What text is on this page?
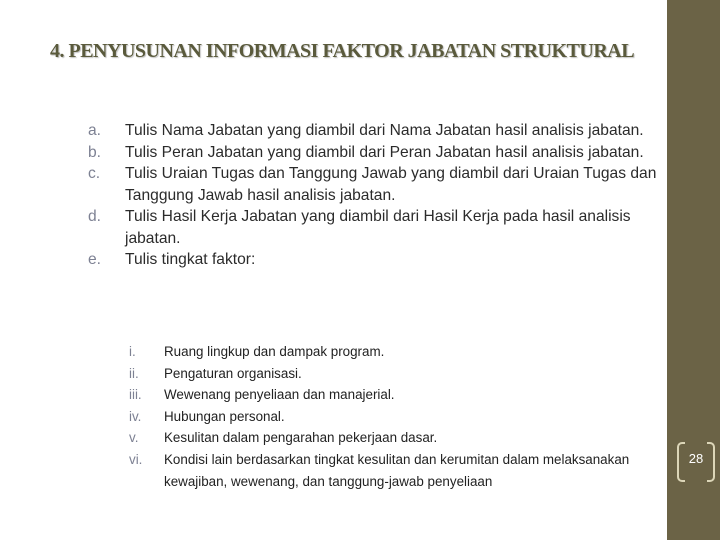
4. PENYUSUNAN INFORMASI FAKTOR JABATAN STRUKTURAL
a. Tulis Nama Jabatan yang diambil dari Nama Jabatan hasil analisis jabatan.
b. Tulis Peran Jabatan yang diambil dari Peran Jabatan hasil analisis jabatan.
c. Tulis Uraian Tugas dan Tanggung Jawab yang diambil dari Uraian Tugas dan Tanggung Jawab hasil analisis jabatan.
d. Tulis Hasil Kerja Jabatan yang diambil dari Hasil Kerja pada hasil analisis jabatan.
e. Tulis tingkat faktor:
i. Ruang lingkup dan dampak program.
ii. Pengaturan organisasi.
iii. Wewenang penyeliaan dan manajerial.
iv. Hubungan personal.
v. Kesulitan dalam pengarahan pekerjaan dasar.
vi. Kondisi lain berdasarkan tingkat kesulitan dan kerumitan dalam melaksanakan kewajiban, wewenang, dan tanggung-jawab penyeliaan
28
